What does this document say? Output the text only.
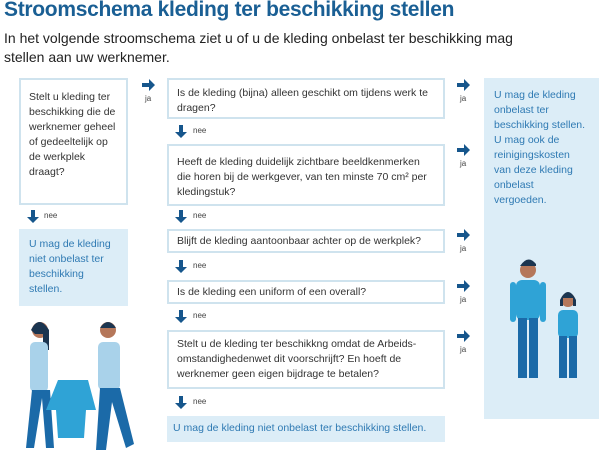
Stroomschema kleding ter beschikking stellen
In het volgende stroomschema ziet u of u de kleding onbelast ter beschikking mag stellen aan uw werknemer.
Stelt u kleding ter beschikking die de werknemer geheel of gedeeltelijk op de werkplek draagt?
Is de kleding (bijna) alleen geschikt om tijdens werk te dragen?
Heeft de kleding duidelijk zichtbare beeldkenmerken die horen bij de werkgever, van ten minste 70 cm² per kledingstuk?
Blijft de kleding aantoonbaar achter op de werkplek?
Is de kleding een uniform of een overall?
Stelt u de kleding ter beschikkng omdat de Arbeids-omstandighedenwet dit voorschrijft? En hoeft de werknemer geen eigen bijdrage te betalen?
U mag de kleding niet onbelast ter beschikking stellen.
U mag de kleding niet onbelast ter beschikking stellen.
U mag de kleding onbelast ter beschikking stellen. U mag ook de reinigingskosten van deze kleding onbelast vergoeden.
ja	ja
ja
ja
ja
ja
nee
nee
nee
nee
nee
nee
